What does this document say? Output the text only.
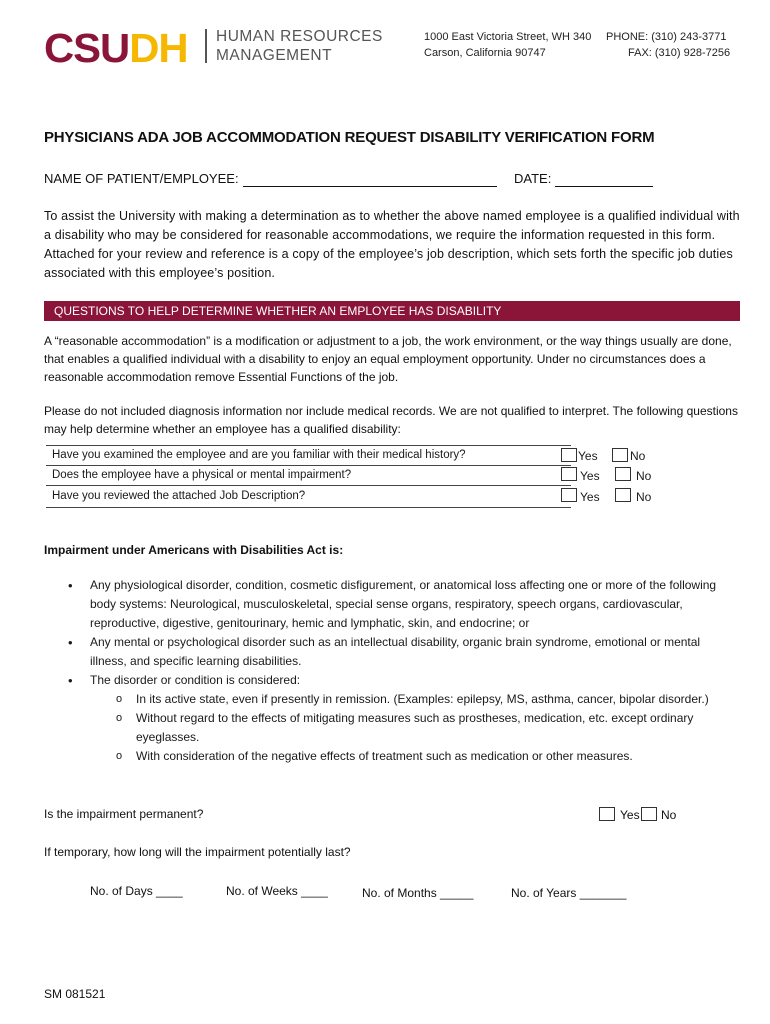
CSUDH HUMAN RESOURCES
MANAGEMENT
1000 East Victoria Street, WH 340
Carson, California 90747
PHONE: (310) 243-3771
FAX: (310) 928-7256
PHYSICIANS ADA JOB ACCOMMODATION REQUEST DISABILITY VERIFICATION FORM
NAME OF PATIENT/EMPLOYEE:	DATE:
To assist the University with making a determination as to whether the above named employee is a qualified individual with a disability who may be considered for reasonable accommodations, we require the information requested in this form. Attached for your review and reference is a copy of the employee’s job description, which sets forth the specific job duties associated with this employee’s position.
QUESTIONS TO HELP DETERMINE WHETHER AN EMPLOYEE HAS DISABILITY
A “reasonable accommodation” is a modification or adjustment to a job, the work environment, or the way things usually are done, that enables a qualified individual with a disability to enjoy an equal employment opportunity. Under no circumstances does a reasonable accommodation remove Essential Functions of the job.
Please do not included diagnosis information nor include medical records. We are not qualified to interpret. The following questions may help determine whether an employee has a qualified disability:
Have you examined the employee and are you familiar with their medical history?	Yes	No
Does the employee have a physical or mental impairment?	Yes	No
Have you reviewed the attached Job Description?	Yes	No
Impairment under Americans with Disabilities Act is:
• Any physiological disorder, condition, cosmetic disfigurement, or anatomical loss affecting one or more of the following body systems: Neurological, musculoskeletal, special sense organs, respiratory, speech organs, cardiovascular, reproductive, digestive, genitourinary, hemic and lymphatic, skin, and endocrine; or
• Any mental or psychological disorder such as an intellectual disability, organic brain syndrome, emotional or mental illness, and specific learning disabilities.
• The disorder or condition is considered:
o In its active state, even if presently in remission. (Examples: epilepsy, MS, asthma, cancer, bipolar disorder.)
o Without regard to the effects of mitigating measures such as prostheses, medication, etc. except ordinary eyeglasses.
o With consideration of the negative effects of treatment such as medication or other measures.
Is the impairment permanent?	Yes No
If temporary, how long will the impairment potentially last?
No. of Days ____	No. of Weeks ____	No. of Months _____	No. of Years _______
SM 081521
